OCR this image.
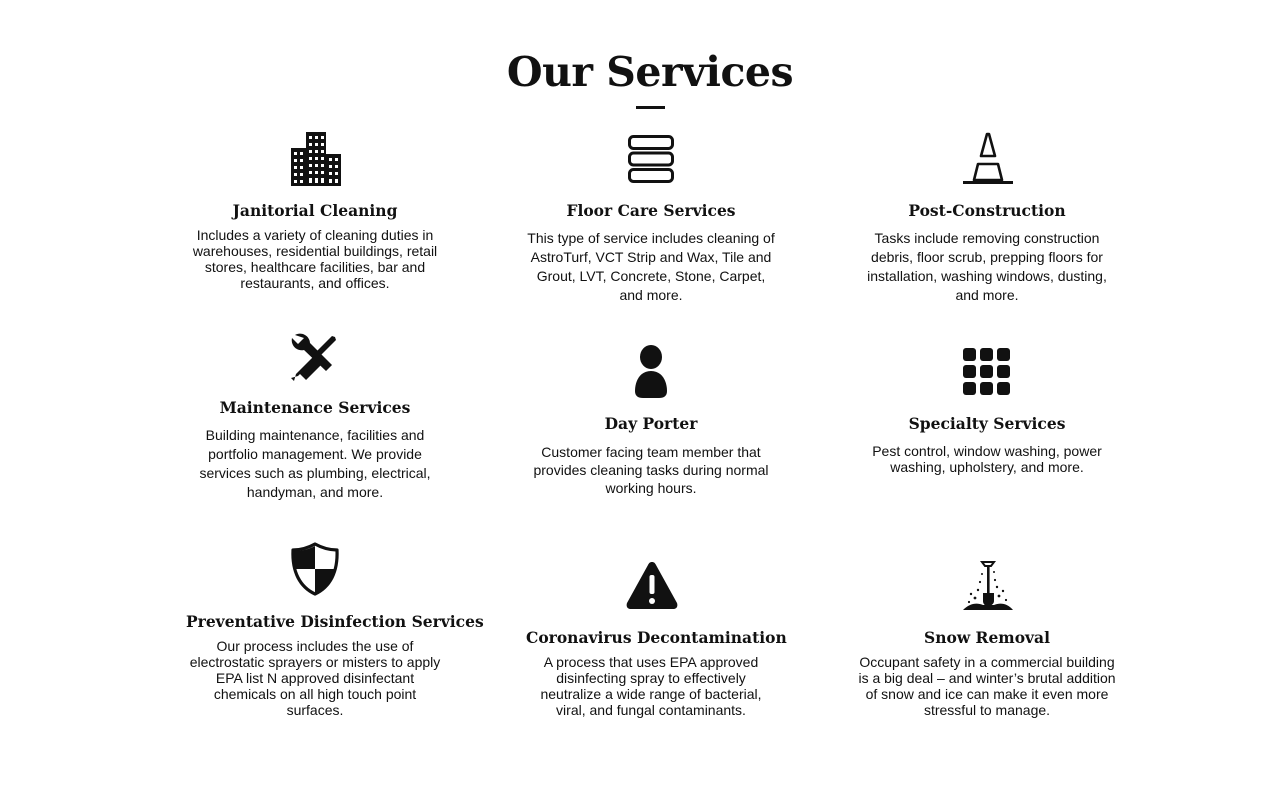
Our Services
Janitorial Cleaning

Includes a variety of cleaning duties in warehouses, residential buildings, retail stores, healthcare facilities, bar and restaurants, and offices.

Floor Care Services

This type of service includes cleaning of AstroTurf, VCT Strip and Wax, Tile and Grout, LVT, Concrete, Stone, Carpet, and more.

Post-Construction

Tasks include removing construction debris, floor scrub, prepping floors for installation, washing windows, dusting, and more.

Maintenance Services

Building maintenance, facilities and portfolio management. We provide services such as plumbing, electrical, handyman, and more.

Day Porter

Customer facing team member that provides cleaning tasks during normal working hours.

Specialty Services

Pest control, window washing, power washing, upholstery, and more.

Preventative Disinfection Services

Our process includes the use of electrostatic sprayers or misters to apply EPA list N approved disinfectant chemicals on all high touch point surfaces.

Coronavirus Decontamination

A process that uses EPA approved disinfecting spray to effectively neutralize a wide range of bacterial, viral, and fungal contaminants.

Snow Removal

Occupant safety in a commercial building is a big deal – and winter’s brutal addition of snow and ice can make it even more stressful to manage.
